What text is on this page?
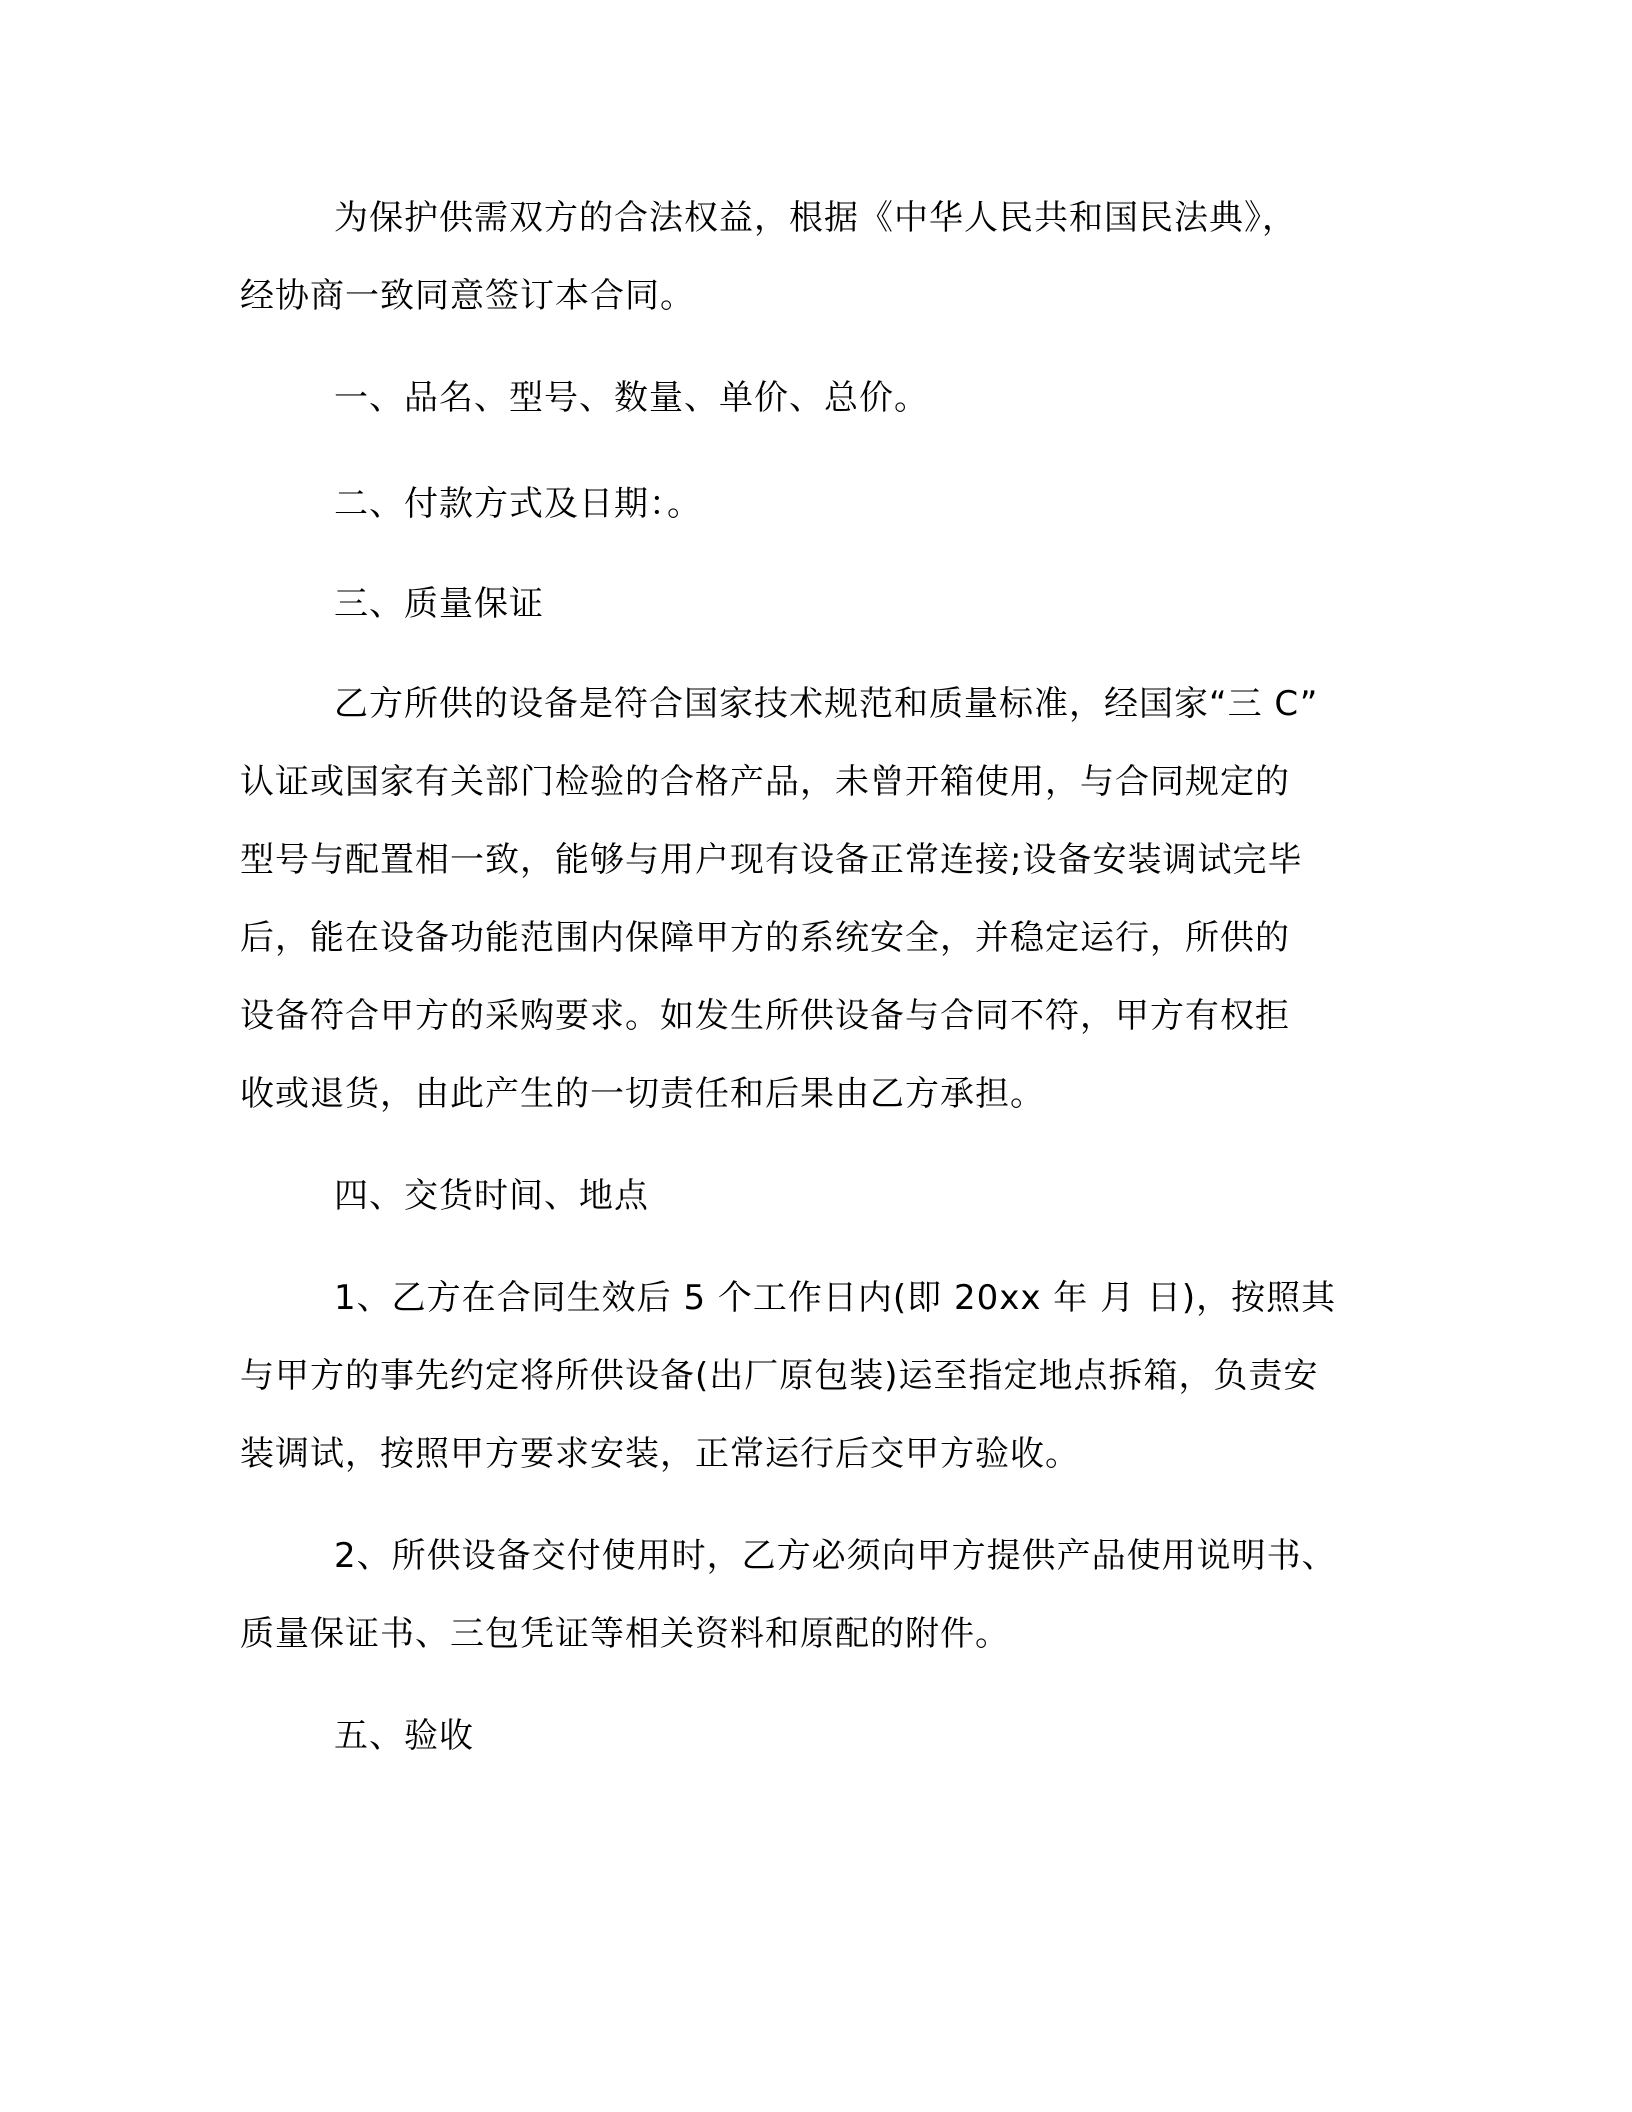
为保护供需双方的合法权益，根据《中华人民共和国民法典》，
经协商一致同意签订本合同。
一、品名、型号、数量、单价、总价。
二、付款方式及日期：。
三、质量保证
乙方所供的设备是符合国家技术规范和质量标准，经国家“三 C”
认证或国家有关部门检验的合格产品，未曾开箱使用，与合同规定的
型号与配置相一致，能够与用户现有设备正常连接;设备安装调试完毕
后，能在设备功能范围内保障甲方的系统安全，并稳定运行，所供的
设备符合甲方的采购要求。如发生所供设备与合同不符，甲方有权拒
收或退货，由此产生的一切责任和后果由乙方承担。
四、交货时间、地点
1、乙方在合同生效后 5 个工作日内(即 20xx 年 月 日)，按照其
与甲方的事先约定将所供设备(出厂原包装)运至指定地点拆箱，负责安
装调试，按照甲方要求安装，正常运行后交甲方验收。
2、所供设备交付使用时，乙方必须向甲方提供产品使用说明书、
质量保证书、三包凭证等相关资料和原配的附件。
五、验收
